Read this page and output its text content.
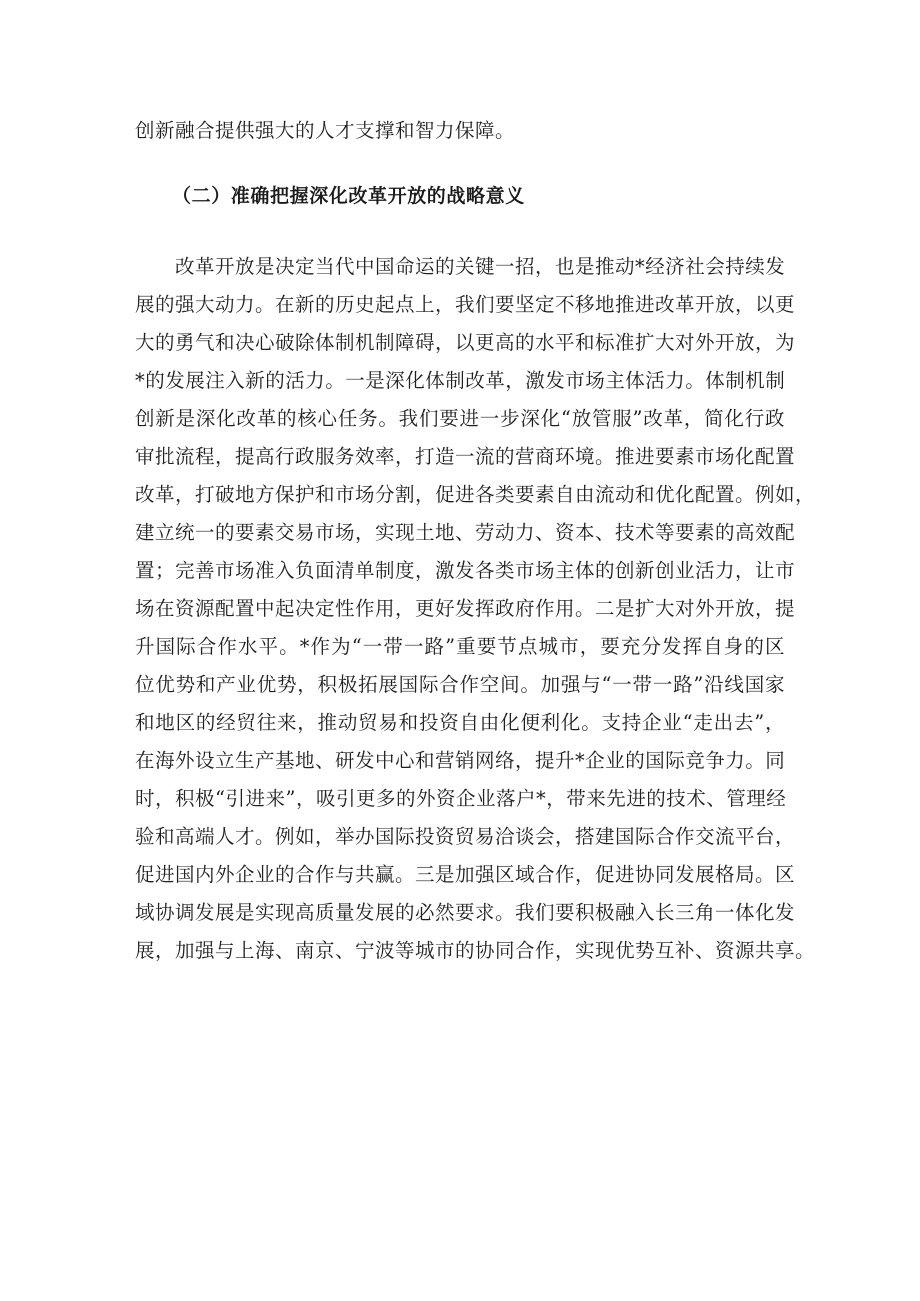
创新融合提供强大的人才支撑和智力保障。
（二）准确把握深化改革开放的战略意义
　　改革开放是决定当代中国命运的关键一招，也是推动*经济社会持续发
展的强大动力。在新的历史起点上，我们要坚定不移地推进改革开放，以更
大的勇气和决心破除体制机制障碍，以更高的水平和标准扩大对外开放，为
*的发展注入新的活力。一是深化体制改革，激发市场主体活力。体制机制
创新是深化改革的核心任务。我们要进一步深化“放管服”改革，简化行政
审批流程，提高行政服务效率，打造一流的营商环境。推进要素市场化配置
改革，打破地方保护和市场分割，促进各类要素自由流动和优化配置。例如，
建立统一的要素交易市场，实现土地、劳动力、资本、技术等要素的高效配
置；完善市场准入负面清单制度，激发各类市场主体的创新创业活力，让市
场在资源配置中起决定性作用，更好发挥政府作用。二是扩大对外开放，提
升国际合作水平。*作为“一带一路”重要节点城市，要充分发挥自身的区
位优势和产业优势，积极拓展国际合作空间。加强与“一带一路”沿线国家
和地区的经贸往来，推动贸易和投资自由化便利化。支持企业“走出去”，
在海外设立生产基地、研发中心和营销网络，提升*企业的国际竞争力。同
时，积极“引进来”，吸引更多的外资企业落户*，带来先进的技术、管理经
验和高端人才。例如，举办国际投资贸易洽谈会，搭建国际合作交流平台，
促进国内外企业的合作与共赢。三是加强区域合作，促进协同发展格局。区
域协调发展是实现高质量发展的必然要求。我们要积极融入长三角一体化发
展，加强与上海、南京、宁波等城市的协同合作，实现优势互补、资源共享。
